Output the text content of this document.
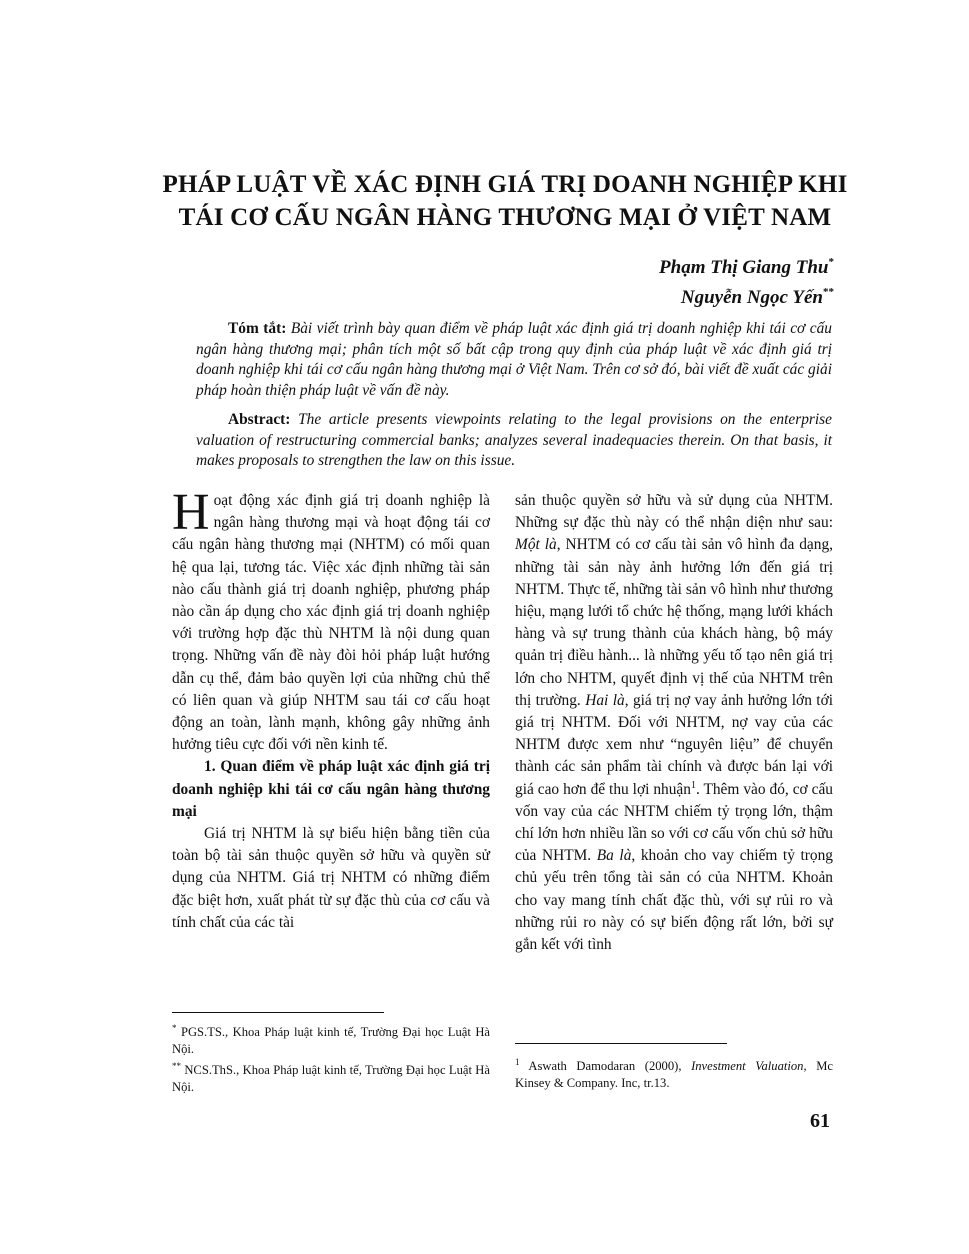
PHÁP LUẬT VỀ XÁC ĐỊNH GIÁ TRỊ DOANH NGHIỆP KHI
TÁI CƠ CẤU NGÂN HÀNG THƯƠNG MẠI Ở VIỆT NAM
Phạm Thị Giang Thu*
Nguyễn Ngọc Yến**
Tóm tắt: Bài viết trình bày quan điểm về pháp luật xác định giá trị doanh nghiệp khi tái cơ cấu ngân hàng thương mại; phân tích một số bất cập trong quy định của pháp luật về xác định giá trị doanh nghiệp khi tái cơ cấu ngân hàng thương mại ở Việt Nam. Trên cơ sở đó, bài viết đề xuất các giải pháp hoàn thiện pháp luật về vấn đề này.
Abstract: The article presents viewpoints relating to the legal provisions on the enterprise valuation of restructuring commercial banks; analyzes several inadequacies therein. On that basis, it makes proposals to strengthen the law on this issue.

Hoạt động xác định giá trị doanh nghiệp là ngân hàng thương mại và hoạt động tái cơ cấu ngân hàng thương mại (NHTM) có mối quan hệ qua lại, tương tác. Việc xác định những tài sản nào cấu thành giá trị doanh nghiệp, phương pháp nào cần áp dụng cho xác định giá trị doanh nghiệp với trường hợp đặc thù NHTM là nội dung quan trọng. Những vấn đề này đòi hỏi pháp luật hướng dẫn cụ thể, đảm bảo quyền lợi của những chủ thể có liên quan và giúp NHTM sau tái cơ cấu hoạt động an toàn, lành mạnh, không gây những ảnh hưởng tiêu cực đối với nền kinh tế.

1. Quan điểm về pháp luật xác định giá trị doanh nghiệp khi tái cơ cấu ngân hàng thương mại

Giá trị NHTM là sự biểu hiện bằng tiền của toàn bộ tài sản thuộc quyền sở hữu và quyền sử dụng của NHTM. Giá trị NHTM có những điểm đặc biệt hơn, xuất phát từ sự đặc thù của cơ cấu và tính chất của các tài

sản thuộc quyền sở hữu và sử dụng của NHTM. Những sự đặc thù này có thể nhận diện như sau: Một là, NHTM có cơ cấu tài sản vô hình đa dạng, những tài sản này ảnh hưởng lớn đến giá trị NHTM. Thực tế, những tài sản vô hình như thương hiệu, mạng lưới tổ chức hệ thống, mạng lưới khách hàng và sự trung thành của khách hàng, bộ máy quản trị điều hành... là những yếu tố tạo nên giá trị lớn cho NHTM, quyết định vị thế của NHTM trên thị trường. Hai là, giá trị nợ vay ảnh hưởng lớn tới giá trị NHTM. Đối với NHTM, nợ vay của các NHTM được xem như “nguyên liệu” để chuyển thành các sản phẩm tài chính và được bán lại với giá cao hơn để thu lợi nhuận$^1$. Thêm vào đó, cơ cấu vốn vay của các NHTM chiếm tỷ trọng lớn, thậm chí lớn hơn nhiều lần so với cơ cấu vốn chủ sở hữu của NHTM. Ba là, khoản cho vay chiếm tỷ trọng chủ yếu trên tổng tài sản có của NHTM. Khoản cho vay mang tính chất đặc thù, với sự rủi ro và những rủi ro này có sự biến động rất lớn, bởi sự gắn kết với tình

* PGS.TS., Khoa Pháp luật kinh tế, Trường Đại học Luật Hà Nội.
** NCS.ThS., Khoa Pháp luật kinh tế, Trường Đại học Luật Hà Nội.
$^1$ Aswath Damodaran (2000), Investment Valuation, Mc Kinsey & Company. Inc, tr.13.
61
